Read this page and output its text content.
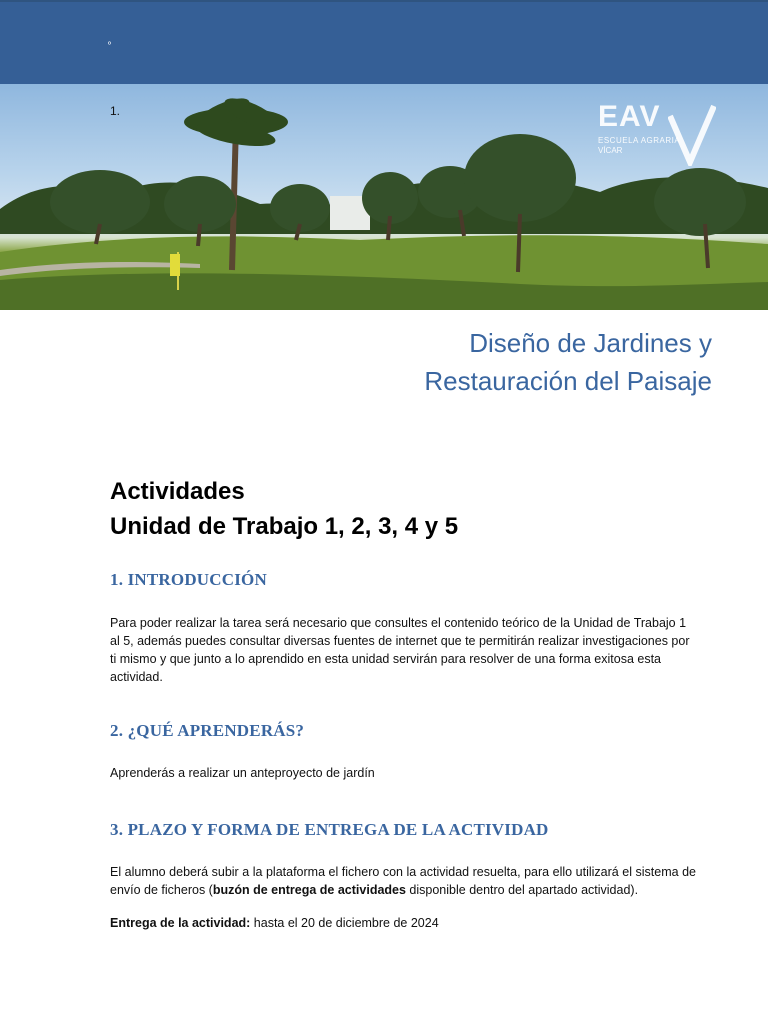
º
1.	EAV
ESCUELA AGRARIA
VÍCAR
Diseño de Jardines y
Restauración del Paisaje
Actividades
Unidad de Trabajo 1, 2, 3, 4 y 5
1. INTRODUCCIÓN
Para poder realizar la tarea será necesario que consultes el contenido teórico de la Unidad de Trabajo 1 al 5, además puedes consultar diversas fuentes de internet que te permitirán realizar investigaciones por ti mismo y que junto a lo aprendido en esta unidad servirán para resolver de una forma exitosa esta actividad.
2. ¿QUÉ APRENDERÁS?
Aprenderás a realizar un anteproyecto de jardín
3. PLAZO Y FORMA DE ENTREGA DE LA ACTIVIDAD
El alumno deberá subir a la plataforma el fichero con la actividad resuelta, para ello utilizará el sistema de envío de ficheros (buzón de entrega de actividades disponible dentro del apartado actividad).
Entrega de la actividad: hasta el 20 de diciembre de 2024
